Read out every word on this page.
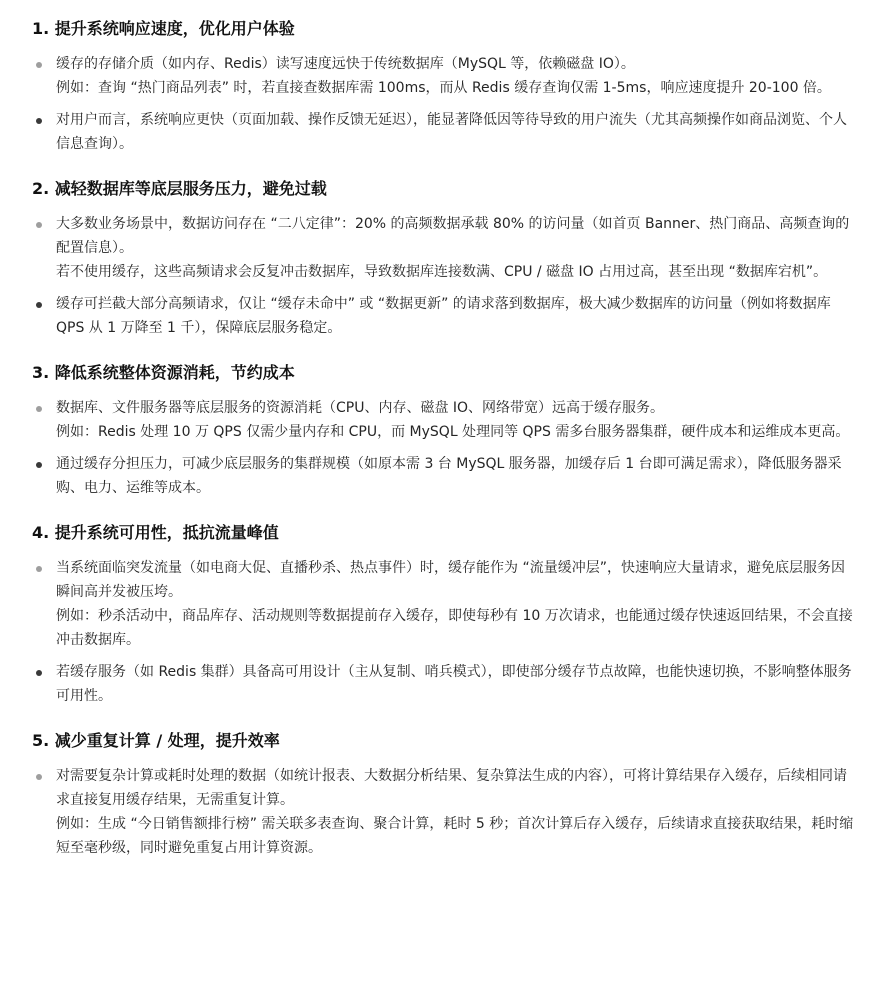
1. 提升系统响应速度，优化用户体验
缓存的存储介质（如内存、Redis）读写速度远快于传统数据库（MySQL 等，依赖磁盘 IO）。
例如：查询 “热门商品列表” 时，若直接查数据库需 100ms，而从 Redis 缓存查询仅需 1-5ms，响应速度提升 20-100 倍。
对用户而言，系统响应更快（页面加载、操作反馈无延迟），能显著降低因等待导致的用户流失（尤其高频操作如商品浏览、个人信息查询）。
2. 减轻数据库等底层服务压力，避免过载
大多数业务场景中，数据访问存在 “二八定律”：20% 的高频数据承载 80% 的访问量（如首页 Banner、热门商品、高频查询的配置信息）。
若不使用缓存，这些高频请求会反复冲击数据库，导致数据库连接数满、CPU / 磁盘 IO 占用过高，甚至出现 “数据库宕机”。
缓存可拦截大部分高频请求，仅让 “缓存未命中” 或 “数据更新” 的请求落到数据库，极大减少数据库的访问量（例如将数据库 QPS 从 1 万降至 1 千），保障底层服务稳定。
3. 降低系统整体资源消耗，节约成本
数据库、文件服务器等底层服务的资源消耗（CPU、内存、磁盘 IO、网络带宽）远高于缓存服务。
例如：Redis 处理 10 万 QPS 仅需少量内存和 CPU，而 MySQL 处理同等 QPS 需多台服务器集群，硬件成本和运维成本更高。
通过缓存分担压力，可减少底层服务的集群规模（如原本需 3 台 MySQL 服务器，加缓存后 1 台即可满足需求），降低服务器采购、电力、运维等成本。
4. 提升系统可用性，抵抗流量峰值
当系统面临突发流量（如电商大促、直播秒杀、热点事件）时，缓存能作为 “流量缓冲层”，快速响应大量请求，避免底层服务因瞬间高并发被压垮。
例如：秒杀活动中，商品库存、活动规则等数据提前存入缓存，即使每秒有 10 万次请求，也能通过缓存快速返回结果，不会直接冲击数据库。
若缓存服务（如 Redis 集群）具备高可用设计（主从复制、哨兵模式），即使部分缓存节点故障，也能快速切换，不影响整体服务可用性。
5. 减少重复计算 / 处理，提升效率
对需要复杂计算或耗时处理的数据（如统计报表、大数据分析结果、复杂算法生成的内容），可将计算结果存入缓存，后续相同请求直接复用缓存结果，无需重复计算。
例如：生成 “今日销售额排行榜” 需关联多表查询、聚合计算，耗时 5 秒；首次计算后存入缓存，后续请求直接获取结果，耗时缩短至毫秒级，同时避免重复占用计算资源。
